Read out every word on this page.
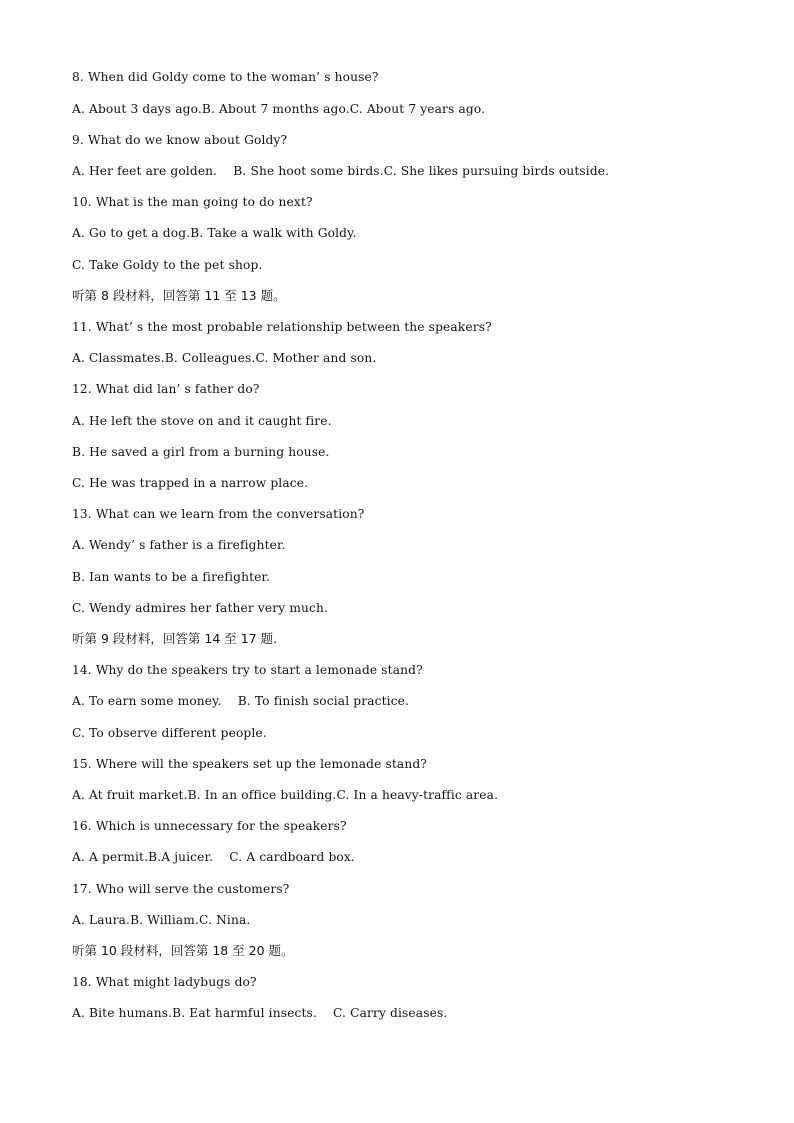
8. When did Goldy come to the woman’ s house?
A. About 3 days ago.B. About 7 months ago.C. About 7 years ago.
9. What do we know about Goldy?
A. Her feet are golden.    B. She hoot some birds.C. She likes pursuing birds outside.
10. What is the man going to do next?
A. Go to get a dog.B. Take a walk with Goldy.
C. Take Goldy to the pet shop.
听第 8 段材料，回答第 11 至 13 题。
11. What’ s the most probable relationship between the speakers?
A. Classmates.B. Colleagues.C. Mother and son.
12. What did lan’ s father do?
A. He left the stove on and it caught fire.
B. He saved a girl from a burning house.
C. He was trapped in a narrow place.
13. What can we learn from the conversation?
A. Wendy’ s father is a firefighter.
B. Ian wants to be a firefighter.
C. Wendy admires her father very much.
听第 9 段材料，回答第 14 至 17 题.
14. Why do the speakers try to start a lemonade stand?
A. To earn some money.    B. To finish social practice.
C. To observe different people.
15. Where will the speakers set up the lemonade stand?
A. At fruit market.B. In an office building.C. In a heavy-traffic area.
16. Which is unnecessary for the speakers?
A. A permit.B.A juicer.    C. A cardboard box.
17. Who will serve the customers?
A. Laura.B. William.C. Nina.
听第 10 段材料，回答第 18 至 20 题。
18. What might ladybugs do?
A. Bite humans.B. Eat harmful insects.    C. Carry diseases.
